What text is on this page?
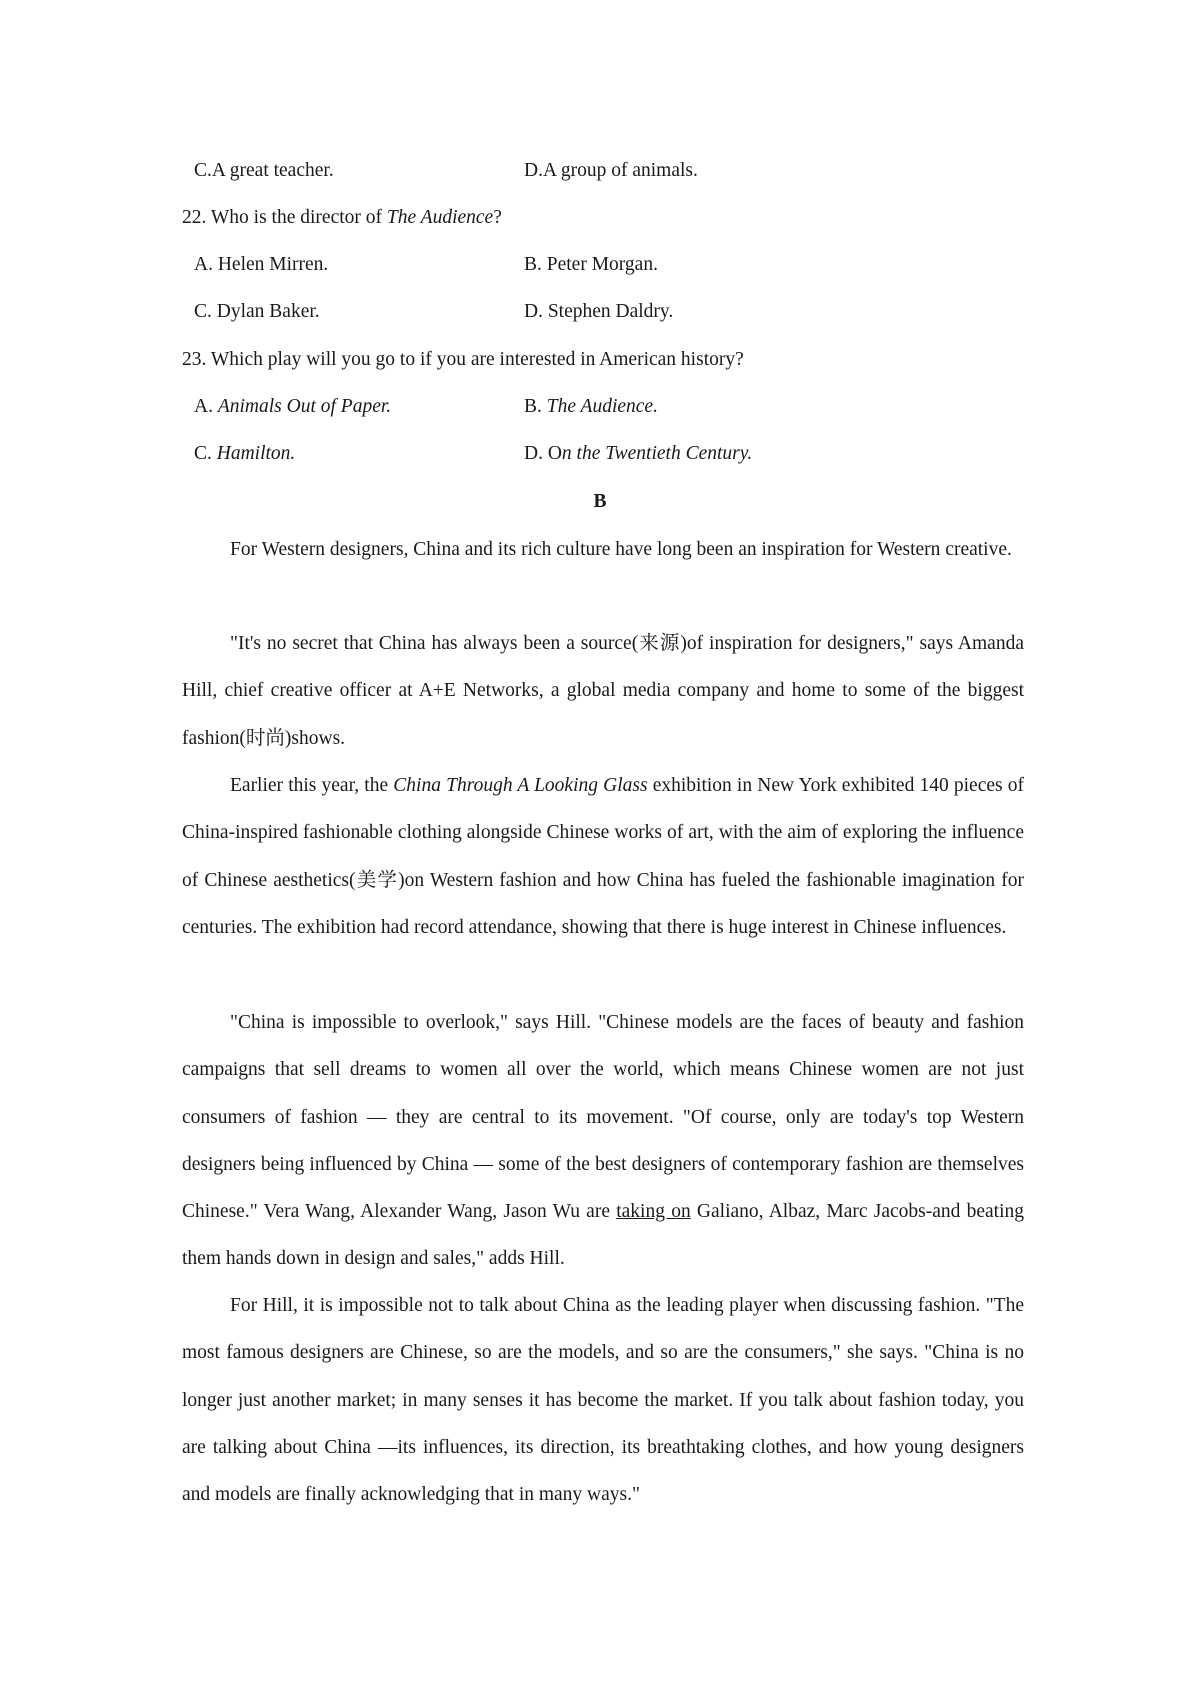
C.A great teacher.	D.A group of animals.
22. Who is the director of The Audience?
A. Helen Mirren.	B. Peter Morgan.
C. Dylan Baker.	D. Stephen Daldry.
23. Which play will you go to if you are interested in American history?
A. Animals Out of Paper.	B. The Audience.
C. Hamilton.	D. On the Twentieth Century.
B

For Western designers, China and its rich culture have long been an inspiration for Western creative.

"It's no secret that China has always been a source(来源)of inspiration for designers," says Amanda Hill, chief creative officer at A+E Networks, a global media company and home to some of the biggest fashion(时尚)shows.

Earlier this year, the China Through A Looking Glass exhibition in New York exhibited 140 pieces of China-inspired fashionable clothing alongside Chinese works of art, with the aim of exploring the influence of Chinese aesthetics(美学)on Western fashion and how China has fueled the fashionable imagination for centuries. The exhibition had record attendance, showing that there is huge interest in Chinese influences.

"China is impossible to overlook," says Hill. "Chinese models are the faces of beauty and fashion campaigns that sell dreams to women all over the world, which means Chinese women are not just consumers of fashion — they are central to its movement. "Of course, only are today's top Western designers being influenced by China — some of the best designers of contemporary fashion are themselves Chinese." Vera Wang, Alexander Wang, Jason Wu are taking on Galiano, Albaz, Marc Jacobs-and beating them hands down in design and sales," adds Hill.

For Hill, it is impossible not to talk about China as the leading player when discussing fashion. "The most famous designers are Chinese, so are the models, and so are the consumers," she says. "China is no longer just another market; in many senses it has become the market. If you talk about fashion today, you are talking about China —its influences, its direction, its breathtaking clothes, and how young designers and models are finally acknowledging that in many ways."
